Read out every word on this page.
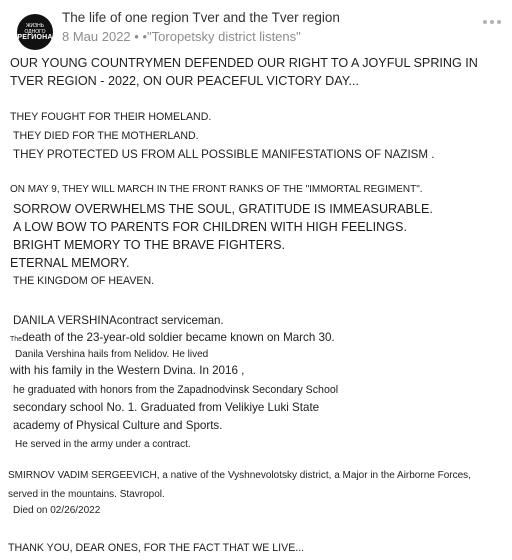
ЖИЗНЬ ОДНОГО
РЕГИОНА
The life of one region Tver and the Tver region
8 Mau 2022 • •"Toropetsky district listens"
OUR YOUNG COUNTRYMEN DEFENDED OUR RIGHT TO A JOYFUL SPRING IN
TVER REGION - 2022, ON OUR PEACEFUL VICTORY DAY...
THEY FOUGHT FOR THEIR HOMELAND.
THEY DIED FOR THE MOTHERLAND.
THEY PROTECTED US FROM ALL POSSIBLE MANIFESTATIONS OF NAZISM .
ON MAY 9, THEY WILL MARCH IN THE FRONT RANKS OF THE "IMMORTAL REGIMENT".
SORROW OVERWHELMS THE SOUL, GRATITUDE IS IMMEASURABLE.
A LOW BOW TO PARENTS FOR CHILDREN WITH HIGH FEELINGS.
BRIGHT MEMORY TO THE BRAVE FIGHTERS.
ETERNAL MEMORY.
THE KINGDOM OF HEAVEN.
DANILA VERSHINAcontract serviceman.
Thedeath of the 23-year-old soldier became known on March 30.
Danila Vershina hails from Nelidov. He lived
with his family in the Western Dvina. In 2016 ,
he graduated with honors from the Zapadnodvinsk Secondary School
secondary school No. 1. Graduated from Velikiye Luki State
academy of Physical Culture and Sports.
He served in the army under a contract.
SMIRNOV VADIM SERGEEVICH, a native of the Vyshnevolotsky district, a Major in the Airborne Forces,
served in the mountains. Stavropol.
Died on 02/26/2022
THANK YOU, DEAR ONES, FOR THE FACT THAT WE LIVE...
